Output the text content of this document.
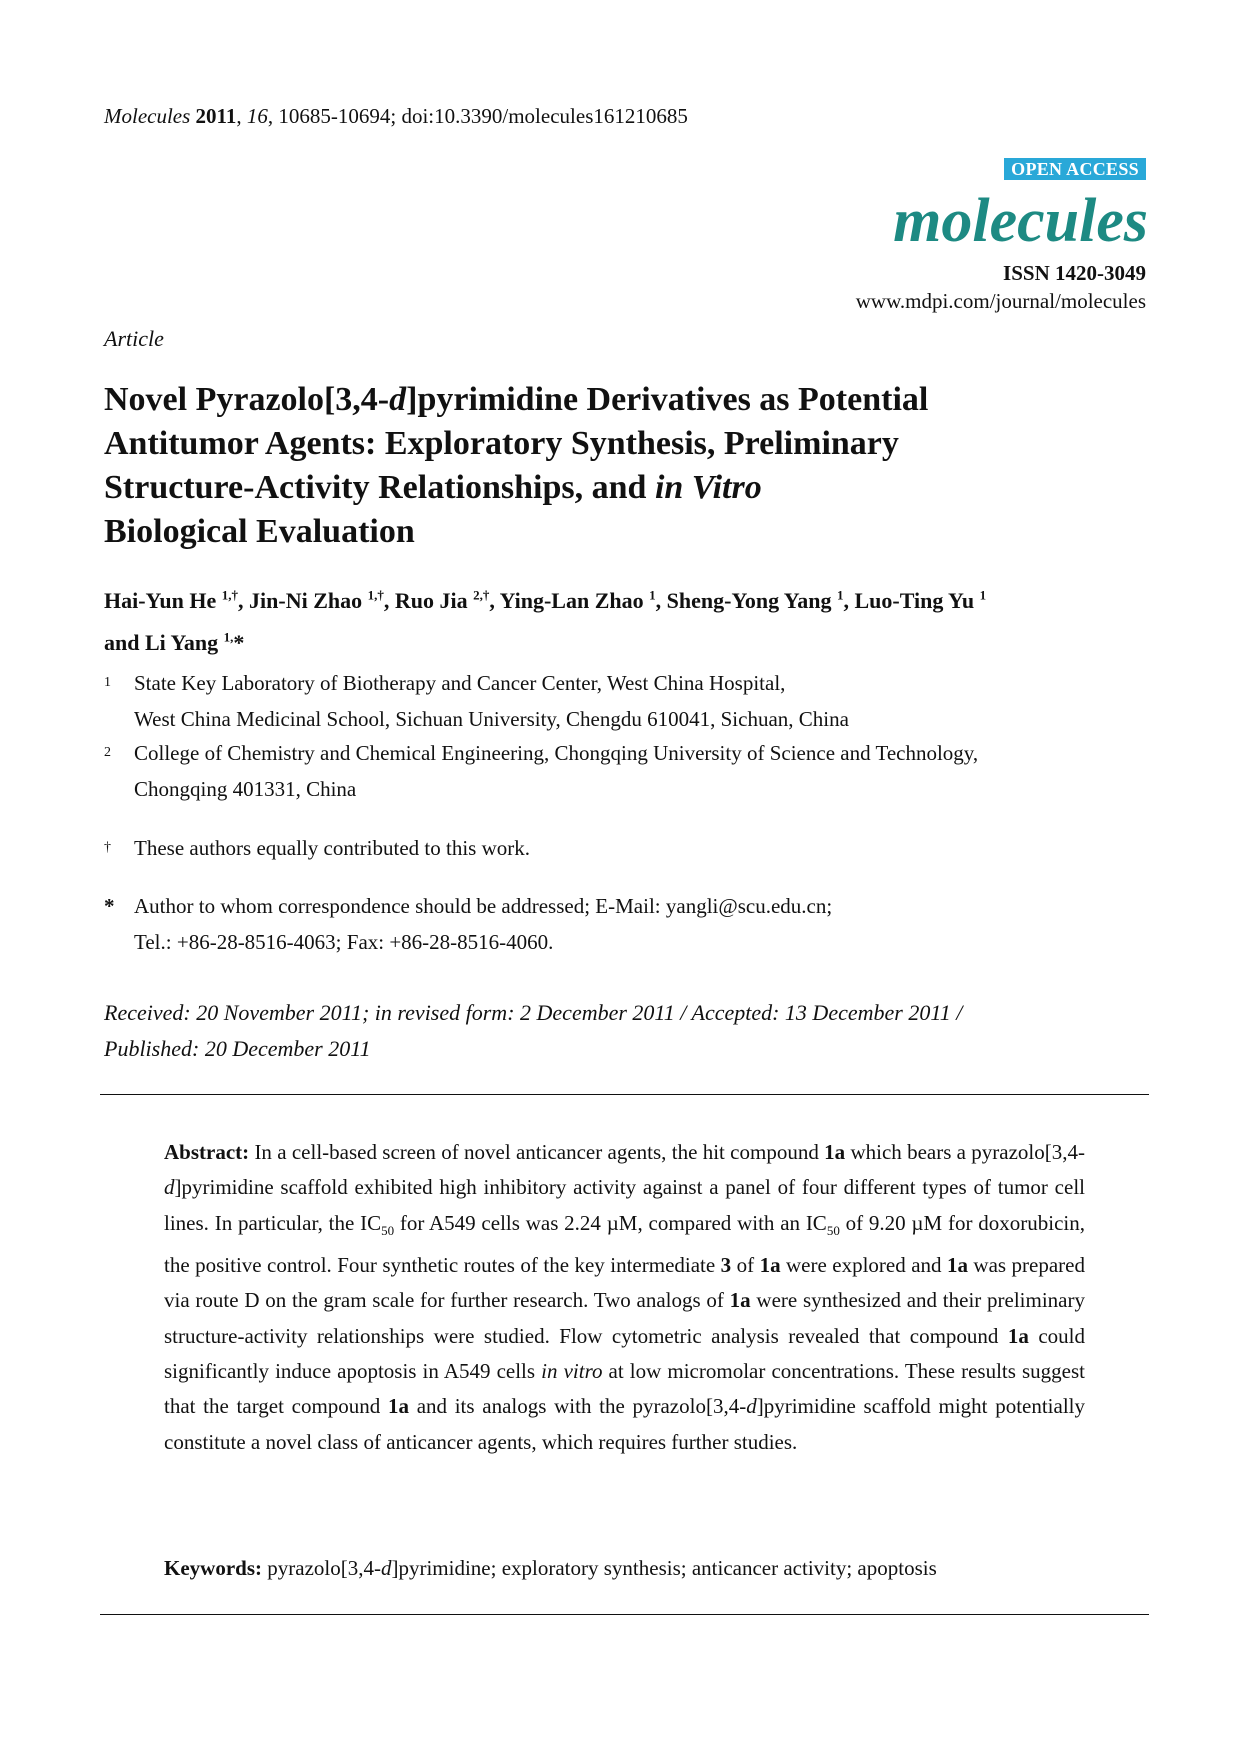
Molecules 2011, 16, 10685-10694; doi:10.3390/molecules161210685
OPEN ACCESS
molecules
ISSN 1420-3049
www.mdpi.com/journal/molecules
Article
Novel Pyrazolo[3,4-d]pyrimidine Derivatives as Potential
Antitumor Agents: Exploratory Synthesis, Preliminary
Structure-Activity Relationships, and in Vitro
Biological Evaluation
Hai-Yun He $^{1,\dagger}$, Jin-Ni Zhao $^{1,\dagger}$, Ruo Jia $^{2,\dagger}$, Ying-Lan Zhao $^1$, Sheng-Yong Yang $^1$, Luo-Ting Yu $^1$
and Li Yang $^{1,}$*
1 State Key Laboratory of Biotherapy and Cancer Center, West China Hospital,
West China Medicinal School, Sichuan University, Chengdu 610041, Sichuan, China
2 College of Chemistry and Chemical Engineering, Chongqing University of Science and Technology,
Chongqing 401331, China
† These authors equally contributed to this work.
* Author to whom correspondence should be addressed; E-Mail: yangli@scu.edu.cn;
Tel.: +86-28-8516-4063; Fax: +86-28-8516-4060.
Received: 20 November 2011; in revised form: 2 December 2011 / Accepted: 13 December 2011 /
Published: 20 December 2011
Abstract: In a cell-based screen of novel anticancer agents, the hit compound 1a which bears a pyrazolo[3,4-d]pyrimidine scaffold exhibited high inhibitory activity against a panel of four different types of tumor cell lines. In particular, the $IC_{50}$ for A549 cells was 2.24 µM, compared with an $IC_{50}$ of 9.20 µM for doxorubicin, the positive control. Four synthetic routes of the key intermediate 3 of 1a were explored and 1a was prepared via route D on the gram scale for further research. Two analogs of 1a were synthesized and their preliminary structure-activity relationships were studied. Flow cytometric analysis revealed that compound 1a could significantly induce apoptosis in A549 cells in vitro at low micromolar concentrations. These results suggest that the target compound 1a and its analogs with the pyrazolo[3,4-d]pyrimidine scaffold might potentially constitute a novel class of anticancer agents, which requires further studies.
Keywords: pyrazolo[3,4-d]pyrimidine; exploratory synthesis; anticancer activity; apoptosis
